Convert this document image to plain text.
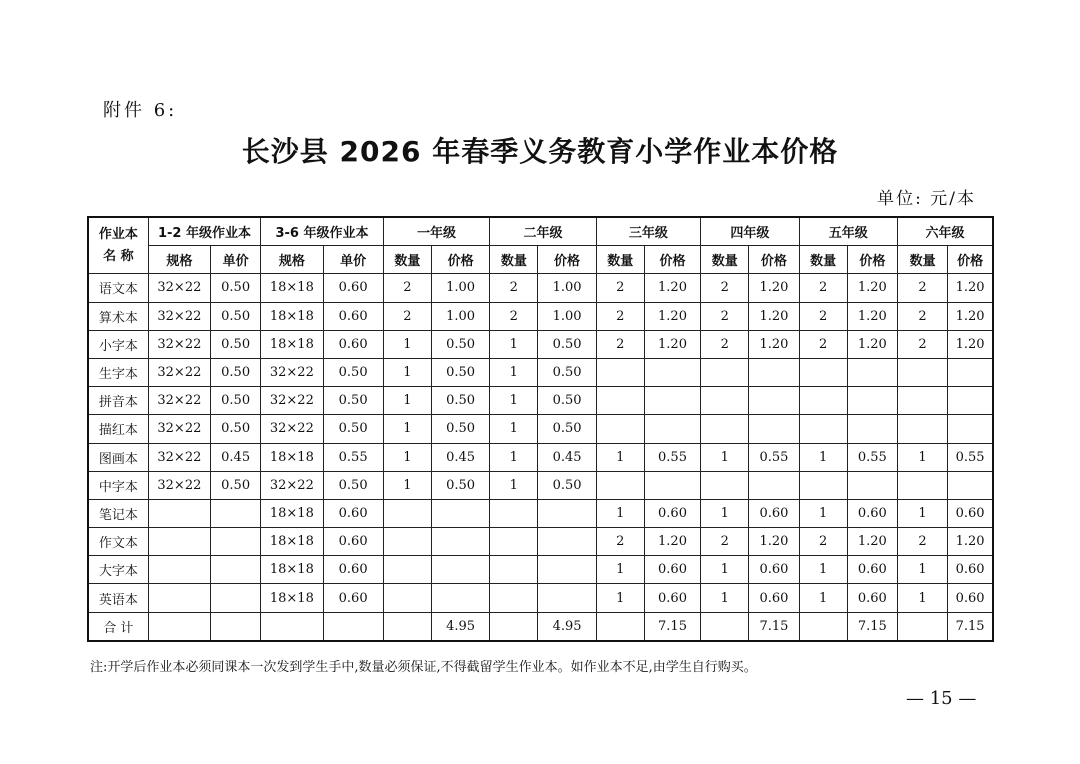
附件 6:
长沙县 2026 年春季义务教育小学作业本价格
单位: 元/本
作业本
名 称	1-2 年级作业本		3-6 年级作业本		一年级		二年级		三年级		四年级		五年级		六年级	
	规格	单价	规格	单价	数量	价格	数量	价格	数量	价格	数量	价格	数量	价格	数量	价格
语文本	32×22	0.50	18×18	0.60	2	1.00	2	1.00	2	1.20	2	1.20	2	1.20	2	1.20
算术本	32×22	0.50	18×18	0.60	2	1.00	2	1.00	2	1.20	2	1.20	2	1.20	2	1.20
小字本	32×22	0.50	18×18	0.60	1	0.50	1	0.50	2	1.20	2	1.20	2	1.20	2	1.20
生字本	32×22	0.50	32×22	0.50	1	0.50	1	0.50								
拼音本	32×22	0.50	32×22	0.50	1	0.50	1	0.50								
描红本	32×22	0.50	32×22	0.50	1	0.50	1	0.50								
图画本	32×22	0.45	18×18	0.55	1	0.45	1	0.45	1	0.55	1	0.55	1	0.55	1	0.55
中字本	32×22	0.50	32×22	0.50	1	0.50	1	0.50								
笔记本			18×18	0.60					1	0.60	1	0.60	1	0.60	1	0.60
作文本			18×18	0.60					2	1.20	2	1.20	2	1.20	2	1.20
大字本			18×18	0.60					1	0.60	1	0.60	1	0.60	1	0.60
英语本			18×18	0.60					1	0.60	1	0.60	1	0.60	1	0.60
合 计						4.95		4.95		7.15		7.15		7.15		7.15
注:开学后作业本必须同课本一次发到学生手中,数量必须保证,不得截留学生作业本。如作业本不足,由学生自行购买。
— 15 —
